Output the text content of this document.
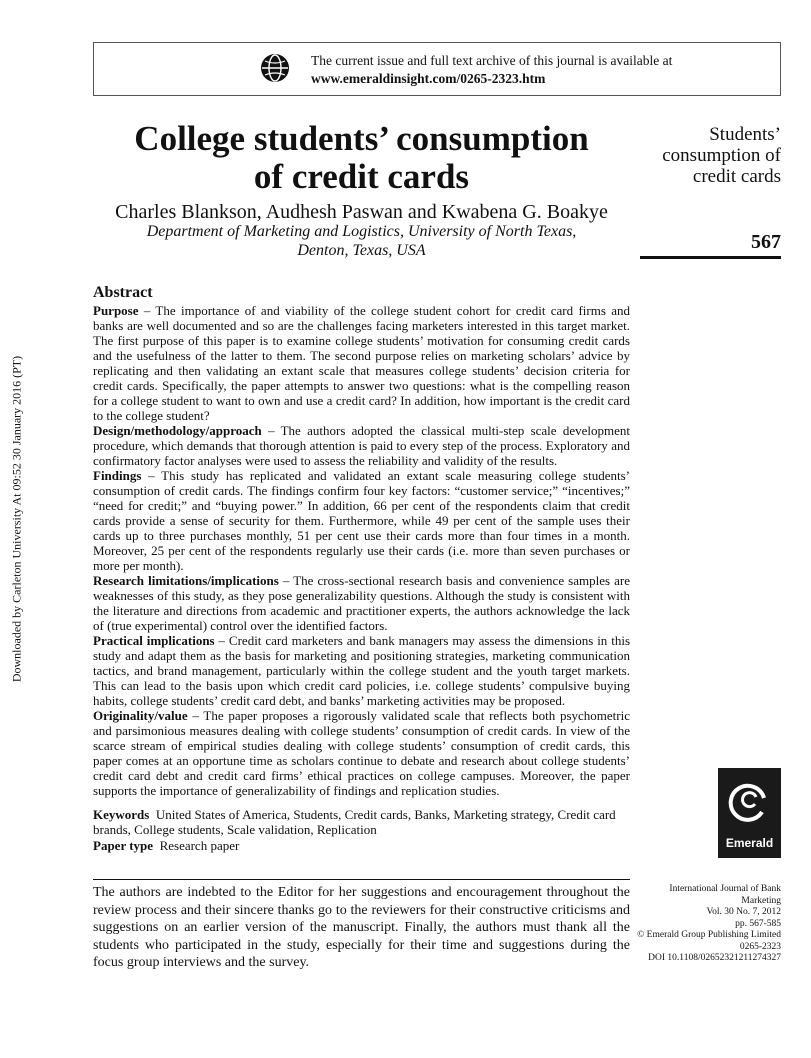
The current issue and full text archive of this journal is available at
www.emeraldinsight.com/0265-2323.htm
College students’ consumption
of credit cards
Charles Blankson, Audhesh Paswan and Kwabena G. Boakye
Department of Marketing and Logistics, University of North Texas,
Denton, Texas, USA
Students’
consumption of
credit cards
567
Downloaded by Carleton University At 09:52 30 January 2016 (PT)
Abstract

Purpose – The importance of and viability of the college student cohort for credit card firms and banks are well documented and so are the challenges facing marketers interested in this target market. The first purpose of this paper is to examine college students’ motivation for consuming credit cards and the usefulness of the latter to them. The second purpose relies on marketing scholars’ advice by replicating and then validating an extant scale that measures college students’ decision criteria for credit cards. Specifically, the paper attempts to answer two questions: what is the compelling reason for a college student to want to own and use a credit card? In addition, how important is the credit card to the college student?

Design/methodology/approach – The authors adopted the classical multi-step scale development procedure, which demands that thorough attention is paid to every step of the process. Exploratory and confirmatory factor analyses were used to assess the reliability and validity of the results.

Findings – This study has replicated and validated an extant scale measuring college students’ consumption of credit cards. The findings confirm four key factors: “customer service;” “incentives;” “need for credit;” and “buying power.” In addition, 66 per cent of the respondents claim that credit cards provide a sense of security for them. Furthermore, while 49 per cent of the sample uses their cards up to three purchases monthly, 51 per cent use their cards more than four times in a month. Moreover, 25 per cent of the respondents regularly use their cards (i.e. more than seven purchases or more per month).

Research limitations/implications – The cross-sectional research basis and convenience samples are weaknesses of this study, as they pose generalizability questions. Although the study is consistent with the literature and directions from academic and practitioner experts, the authors acknowledge the lack of (true experimental) control over the identified factors.

Practical implications – Credit card marketers and bank managers may assess the dimensions in this study and adapt them as the basis for marketing and positioning strategies, marketing communication tactics, and brand management, particularly within the college student and the youth target markets. This can lead to the basis upon which credit card policies, i.e. college students’ compulsive buying habits, college students’ credit card debt, and banks’ marketing activities may be proposed.

Originality/value – The paper proposes a rigorously validated scale that reflects both psychometric and parsimonious measures dealing with college students’ consumption of credit cards. In view of the scarce stream of empirical studies dealing with college students’ consumption of credit cards, this paper comes at an opportune time as scholars continue to debate and research about college students’ credit card debt and credit card firms’ ethical practices on college campuses. Moreover, the paper supports the importance of generalizability of findings and replication studies.

Keywords United States of America, Students, Credit cards, Banks, Marketing strategy, Credit card brands, College students, Scale validation, Replication
Paper type Research paper	Emerald
The authors are indebted to the Editor for her suggestions and encouragement throughout the review process and their sincere thanks go to the reviewers for their constructive criticisms and suggestions on an earlier version of the manuscript. Finally, the authors must thank all the students who participated in the study, especially for their time and suggestions during the focus group interviews and the survey.
International Journal of Bank
Marketing
Vol. 30 No. 7, 2012
pp. 567-585
© Emerald Group Publishing Limited
0265-2323
DOI 10.1108/02652321211274327
